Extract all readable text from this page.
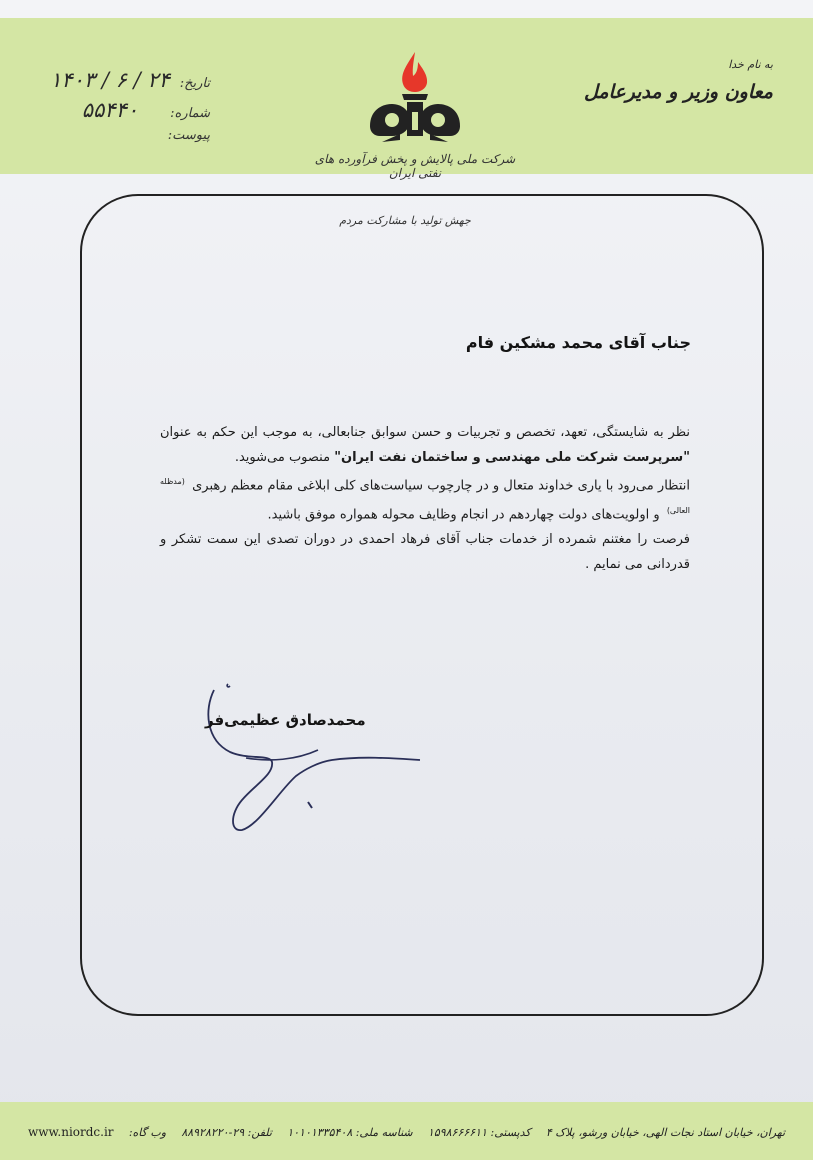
به نام خدا
معاون وزیر و مدیرعامل
شرکت ملی پالایش و پخش فرآورده های نفتی ایران
تاریخ:
۱۴۰۳ / ۶ / ۲۴
شماره:
۵۵۴۴۰
پیوست:
جهش تولید با مشارکت مردم
جناب آقای محمد مشکین فام

نظر به شایستگی، تعهد، تخصص و تجربیات و حسن سوابق جنابعالی، به موجب این حکم به عنوان "سرپرست شرکت ملی مهندسی و ساختمان نفت ایران" منصوب می‌شوید.

انتظار می‌رود با یاری خداوند متعال و در چارچوب سیاست‌های کلی ابلاغی مقام معظم رهبری $^{(مدظله العالی)}$ و اولویت‌های دولت چهاردهم در انجام وظایف محوله همواره موفق باشید.

فرصت را مغتنم شمرده از خدمات جناب آقای فرهاد احمدی در دوران تصدی این سمت تشکر و قدردانی می نمایم .

محمدصادق عظیمی‌فر
تهران، خیابان استاد نجات الهی، خیابان ورشو، پلاک ۴
کدپستی: ۱۵۹۸۶۶۶۶۱۱
شناسه ملی: ۱۰۱۰۱۳۳۵۴۰۸
تلفن: ۲۹-۸۸۹۲۸۲۲۰
وب گاه:
www.niordc.ir
